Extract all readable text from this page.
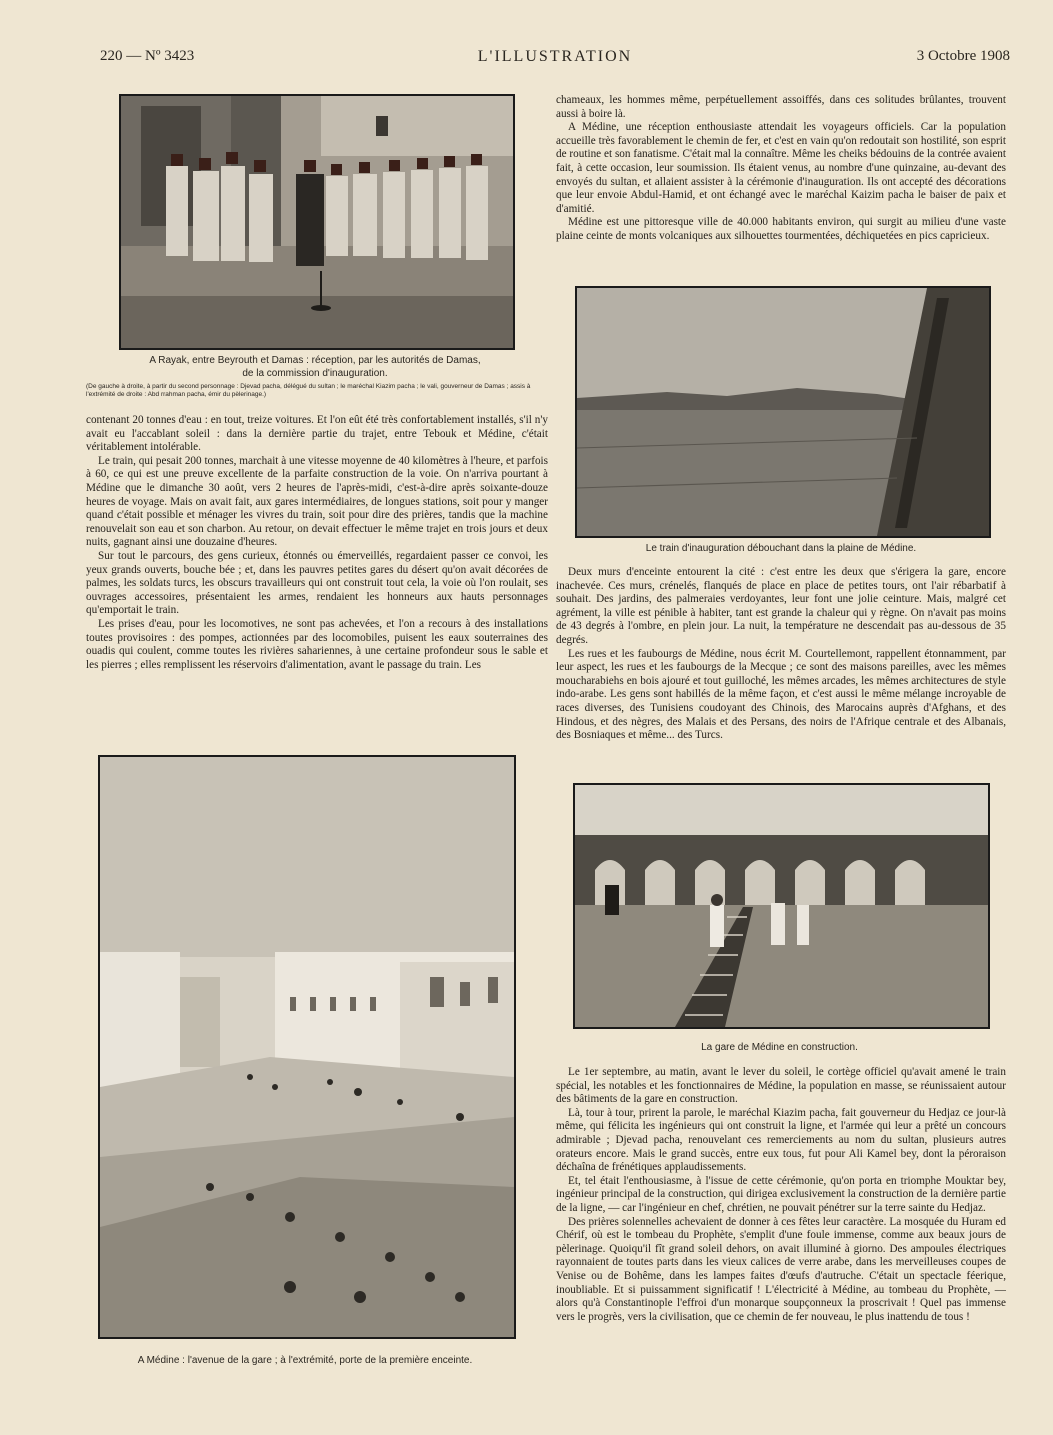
220 — Nº 3423	L'ILLUSTRATION	3 Octobre 1908
A Rayak, entre Beyrouth et Damas : réception, par les autorités de Damas,
de la commission d'inauguration.
(De gauche à droite, à partir du second personnage : Djevad pacha, délégué du sultan ; le maréchal Kiazim pacha ; le vali, gouverneur de Damas ; assis à l'extrémité de droite : Abd rrahman pacha, émir du pèlerinage.)

contenant 20 tonnes d'eau : en tout, treize voitures. Et l'on eût été très confortablement installés, s'il n'y avait eu l'accablant soleil : dans la dernière partie du trajet, entre Tebouk et Médine, c'était véritablement intolérable.

Le train, qui pesait 200 tonnes, marchait à une vitesse moyenne de 40 kilomètres à l'heure, et parfois à 60, ce qui est une preuve excellente de la parfaite construction de la voie. On n'arriva pourtant à Médine que le dimanche 30 août, vers 2 heures de l'après-midi, c'est-à-dire après soixante-douze heures de voyage. Mais on avait fait, aux gares intermédiaires, de longues stations, soit pour y manger quand c'était possible et ménager les vivres du train, soit pour dire des prières, tandis que la machine renouvelait son eau et son charbon. Au retour, on devait effectuer le même trajet en trois jours et deux nuits, gagnant ainsi une douzaine d'heures.

Sur tout le parcours, des gens curieux, étonnés ou émerveillés, regardaient passer ce convoi, les yeux grands ouverts, bouche bée ; et, dans les pauvres petites gares du désert qu'on avait décorées de palmes, les soldats turcs, les obscurs travailleurs qui ont construit tout cela, la voie où l'on roulait, ses ouvrages accessoires, présentaient les armes, rendaient les honneurs aux hauts personnages qu'emportait le train.

Les prises d'eau, pour les locomotives, ne sont pas achevées, et l'on a recours à des installations toutes provisoires : des pompes, actionnées par des locomobiles, puisent les eaux souterraines des ouadis qui coulent, comme toutes les rivières sahariennes, à une certaine profondeur sous le sable et les pierres ; elles remplissent les réservoirs d'alimentation, avant le passage du train. Les

A Médine : l'avenue de la gare ; à l'extrémité, porte de la première enceinte.

chameaux, les hommes même, perpétuellement assoiffés, dans ces solitudes brûlantes, trouvent aussi à boire là.

A Médine, une réception enthousiaste attendait les voyageurs officiels. Car la population accueille très favorablement le chemin de fer, et c'est en vain qu'on redoutait son hostilité, son esprit de routine et son fanatisme. C'était mal la connaître. Même les cheiks bédouins de la contrée avaient fait, à cette occasion, leur soumission. Ils étaient venus, au nombre d'une quinzaine, au-devant des envoyés du sultan, et allaient assister à la cérémonie d'inauguration. Ils ont accepté des décorations que leur envoie Abdul-Hamid, et ont échangé avec le maréchal Kaizim pacha le baiser de paix et d'amitié.

Médine est une pittoresque ville de 40.000 habitants environ, qui surgit au milieu d'une vaste plaine ceinte de monts volcaniques aux silhouettes tourmentées, déchiquetées en pics capricieux.

Le train d'inauguration débouchant dans la plaine de Médine.

Deux murs d'enceinte entourent la cité : c'est entre les deux que s'érigera la gare, encore inachevée. Ces murs, crénelés, flanqués de place en place de petites tours, ont l'air rébarbatif à souhait. Des jardins, des palmeraies verdoyantes, leur font une jolie ceinture. Mais, malgré cet agrément, la ville est pénible à habiter, tant est grande la chaleur qui y règne. On n'avait pas moins de 43 degrés à l'ombre, en plein jour. La nuit, la température ne descendait pas au-dessous de 35 degrés.

Les rues et les faubourgs de Médine, nous écrit M. Courtellemont, rappellent étonnamment, par leur aspect, les rues et les faubourgs de la Mecque ; ce sont des maisons pareilles, avec les mêmes moucharabiehs en bois ajouré et tout guilloché, les mêmes arcades, les mêmes architectures de style indo-arabe. Les gens sont habillés de la même façon, et c'est aussi le même mélange incroyable de races diverses, des Tunisiens coudoyant des Chinois, des Marocains auprès d'Afghans, et des Hindous, et des nègres, des Malais et des Persans, des noirs de l'Afrique centrale et des Albanais, des Bosniaques et même... des Turcs.

La gare de Médine en construction.

Le 1er septembre, au matin, avant le lever du soleil, le cortège officiel qu'avait amené le train spécial, les notables et les fonctionnaires de Médine, la population en masse, se réunissaient autour des bâtiments de la gare en construction.

Là, tour à tour, prirent la parole, le maréchal Kiazim pacha, fait gouverneur du Hedjaz ce jour-là même, qui félicita les ingénieurs qui ont construit la ligne, et l'armée qui leur a prêté un concours admirable ; Djevad pacha, renouvelant ces remerciements au nom du sultan, plusieurs autres orateurs encore. Mais le grand succès, entre eux tous, fut pour Ali Kamel bey, dont la péroraison déchaîna de frénétiques applaudissements.

Et, tel était l'enthousiasme, à l'issue de cette cérémonie, qu'on porta en triomphe Mouktar bey, ingénieur principal de la construction, qui dirigea exclusivement la construction de la dernière partie de la ligne, — car l'ingénieur en chef, chrétien, ne pouvait pénétrer sur la terre sainte du Hedjaz.

Des prières solennelles achevaient de donner à ces fêtes leur caractère. La mosquée du Huram ed Chérif, où est le tombeau du Prophète, s'emplit d'une foule immense, comme aux beaux jours de pèlerinage. Quoiqu'il fît grand soleil dehors, on avait illuminé à giorno. Des ampoules électriques rayonnaient de toutes parts dans les vieux calices de verre arabe, dans les merveilleuses coupes de Venise ou de Bohême, dans les lampes faites d'œufs d'autruche. C'était un spectacle féerique, inoubliable. Et si puissamment significatif ! L'électricité à Médine, au tombeau du Prophète, — alors qu'à Constantinople l'effroi d'un monarque soupçonneux la proscrivait ! Quel pas immense vers le progrès, vers la civilisation, que ce chemin de fer nouveau, le plus inattendu de tous !
